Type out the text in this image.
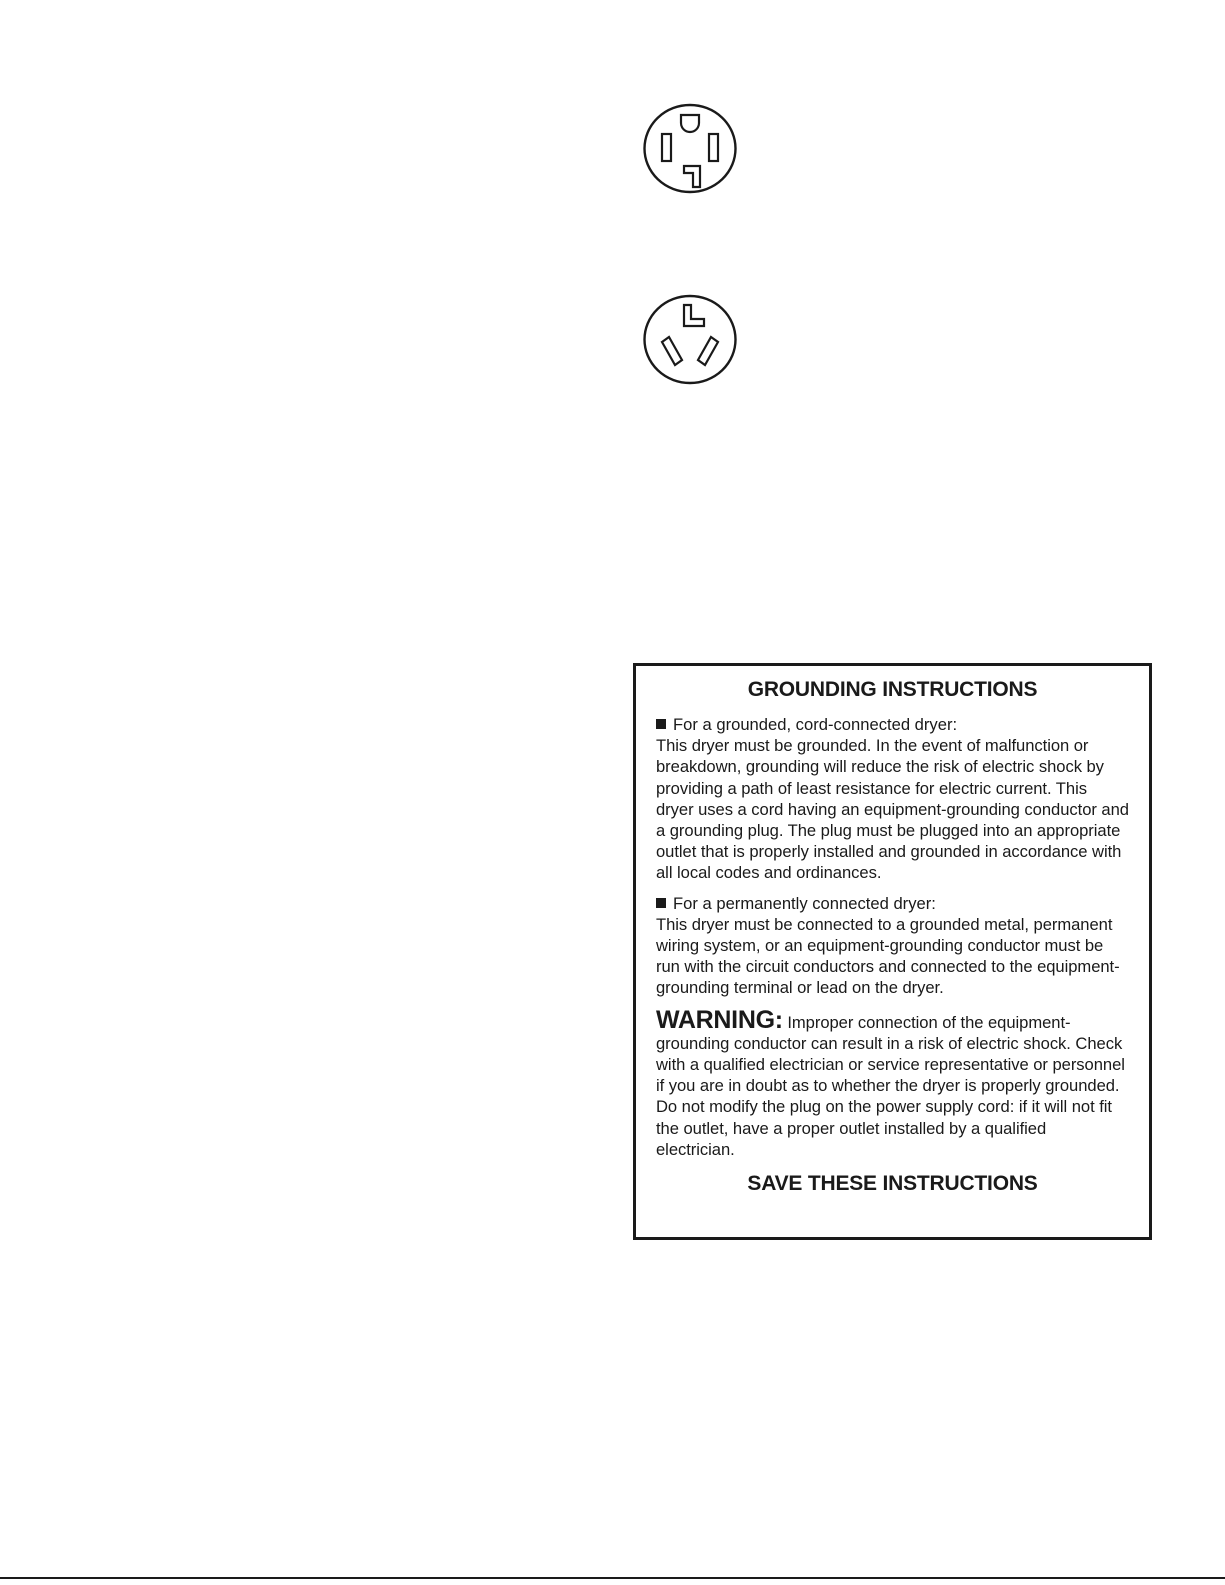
GROUNDING INSTRUCTIONS
For a grounded, cord-connected dryer:
This dryer must be grounded. In the event of malfunction or breakdown, grounding will reduce the risk of electric shock by providing a path of least resistance for electric current. This dryer uses a cord having an equipment-grounding conductor and a grounding plug. The plug must be plugged into an appropriate outlet that is properly installed and grounded in accordance with all local codes and ordinances.
For a permanently connected dryer:
This dryer must be connected to a grounded metal, permanent wiring system, or an equipment-grounding conductor must be run with the circuit conductors and connected to the equipment-grounding terminal or lead on the dryer.
WARNING: Improper connection of the equipment-grounding conductor can result in a risk of electric shock. Check with a qualified electrician or service representative or personnel if you are in doubt as to whether the dryer is properly grounded. Do not modify the plug on the power supply cord: if it will not fit the outlet, have a proper outlet installed by a qualified electrician.
SAVE THESE INSTRUCTIONS
